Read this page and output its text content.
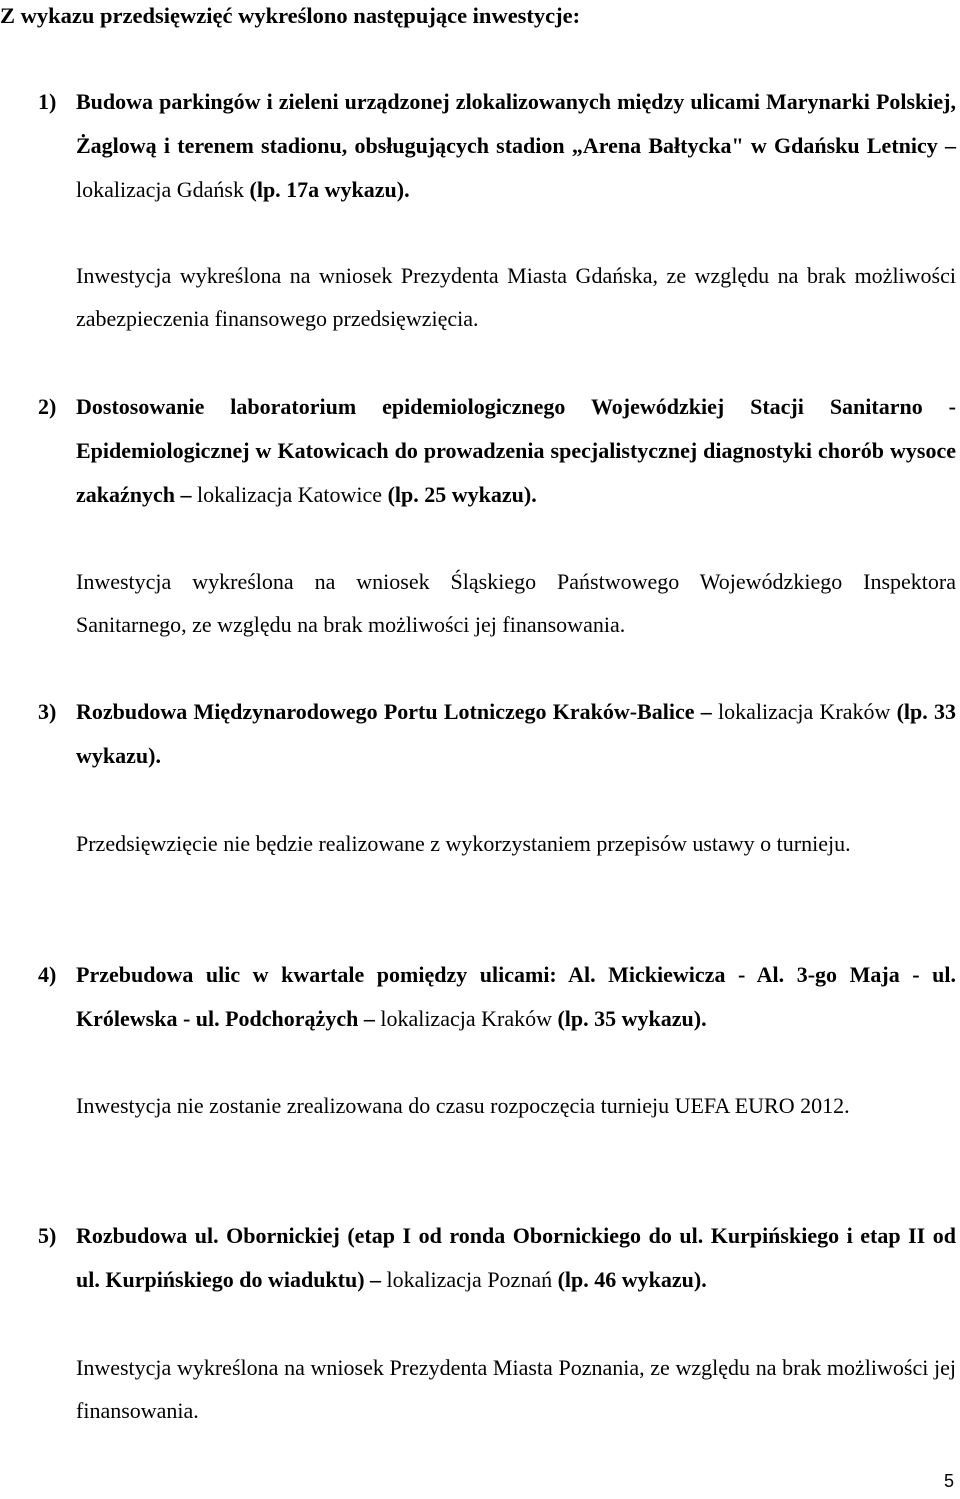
Z wykazu przedsięwzięć wykreślono następujące inwestycje:
1) Budowa parkingów i zieleni urządzonej zlokalizowanych między ulicami Marynarki Polskiej, Żaglową i terenem stadionu, obsługujących stadion „Arena Bałtycka" w Gdańsku Letnicy – lokalizacja Gdańsk (lp. 17a wykazu).
Inwestycja wykreślona na wniosek Prezydenta Miasta Gdańska, ze względu na brak możliwości zabezpieczenia finansowego przedsięwzięcia.
2) Dostosowanie laboratorium epidemiologicznego Wojewódzkiej Stacji Sanitarno - Epidemiologicznej w Katowicach do prowadzenia specjalistycznej diagnostyki chorób wysoce zakaźnych – lokalizacja Katowice (lp. 25 wykazu).
Inwestycja wykreślona na wniosek Śląskiego Państwowego Wojewódzkiego Inspektora Sanitarnego, ze względu na brak możliwości jej finansowania.
3) Rozbudowa Międzynarodowego Portu Lotniczego Kraków-Balice – lokalizacja Kraków (lp. 33 wykazu).
Przedsięwzięcie nie będzie realizowane z wykorzystaniem przepisów ustawy o turnieju.
4) Przebudowa ulic w kwartale pomiędzy ulicami: Al. Mickiewicza - Al. 3-go Maja - ul. Królewska - ul. Podchorążych – lokalizacja Kraków (lp. 35 wykazu).
Inwestycja nie zostanie zrealizowana do czasu rozpoczęcia turnieju UEFA EURO 2012.
5) Rozbudowa ul. Obornickiej (etap I od ronda Obornickiego do ul. Kurpińskiego i etap II od ul. Kurpińskiego do wiaduktu) – lokalizacja Poznań (lp. 46 wykazu).
Inwestycja wykreślona na wniosek Prezydenta Miasta Poznania, ze względu na brak możliwości jej finansowania.
5
